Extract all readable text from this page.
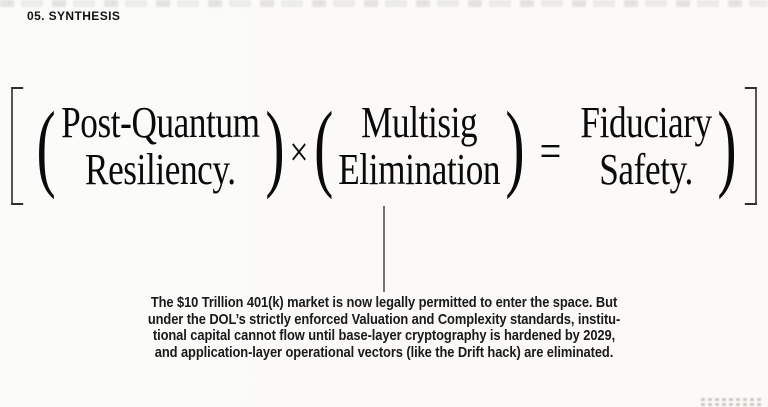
05. SYNTHESIS
( Post-Quantum
Resiliency. ) × ( Multisig
Elimination ) =
Fiduciary
Safety. )
The $10 Trillion 401(k) market is now legally permitted to enter the space. But
under the DOL’s strictly enforced Valuation and Complexity standards, institu-
tional capital cannot flow until base-layer cryptography is hardened by 2029,
and application-layer operational vectors (like the Drift hack) are eliminated.
